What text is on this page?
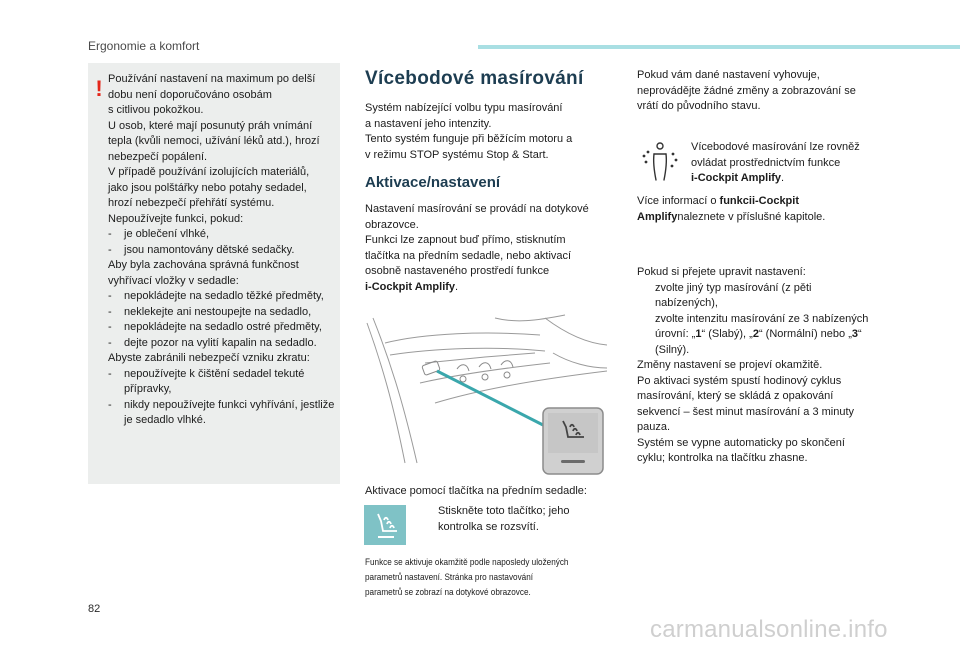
Ergonomie a komfort
! Používání nastavení na maximum po delší

dobu není doporučováno osobám

s citlivou pokožkou.

U osob, které mají posunutý práh vnímání

tepla (kvůli nemoci, užívání léků atd.), hrozí

nebezpečí popálení.

V případě používání izolujících materiálů,

jako jsou polštářky nebo potahy sedadel,

hrozí nebezpečí přehřátí systému.

Nepoužívejte funkci, pokud:

- je oblečení vlhké,

- jsou namontovány dětské sedačky.

Aby byla zachována správná funkčnost

vyhřívací vložky v sedadle:

- nepokládejte na sedadlo těžké předměty,

- neklekejte ani nestoupejte na sedadlo,

- nepokládejte na sedadlo ostré předměty,

- dejte pozor na vylití kapalin na sedadlo.

Abyste zabránili nebezpečí vzniku zkratu:

- nepoužívejte k čištění sedadel tekuté přípravky,

- nikdy nepoužívejte funkci vyhřívání, jestliže je sedadlo vlhké.

Vícebodové masírování
Systém nabízející volbu typu masírování
a nastavení jeho intenzity.
Tento systém funguje při běžícím motoru a
v režimu STOP systému Stop & Start.
Aktivace/nastavení
Nastavení masírování se provádí na dotykové
obrazovce.
Funkci lze zapnout buď přímo, stisknutím
tlačítka na předním sedadle, nebo aktivací
osobně nastaveného prostředí funkce
i-Cockpit Amplify.
Aktivace pomocí tlačítka na předním sedadle:
Stiskněte toto tlačítko; jeho
kontrolka se rozsvítí.
Funkce se aktivuje okamžitě podle naposledy uložených
parametrů nastavení. Stránka pro nastavování
parametrů se zobrazí na dotykové obrazovce.
Pokud vám dané nastavení vyhovuje,
neprovádějte žádné změny a zobrazování se
vrátí do původního stavu.
Vícebodové masírování lze rovněž
ovládat prostřednictvím funkce
i-Cockpit Amplify.
Více informací o funkcii-Cockpit
Amplifynaleznete v příslušné kapitole.
Pokud si přejete upravit nastavení:
zvolte jiný typ masírování (z pěti
nabízených),
zvolte intenzitu masírování ze 3 nabízených
úrovní: „1“ (Slabý), „2“ (Normální) nebo „3“
(Silný).
Změny nastavení se projeví okamžitě.
Po aktivaci systém spustí hodinový cyklus
masírování, který se skládá z opakování
sekvencí – šest minut masírování a 3 minuty
pauza.
Systém se vypne automaticky po skončení
cyklu; kontrolka na tlačítku zhasne.
82
carmanualsonline.info
